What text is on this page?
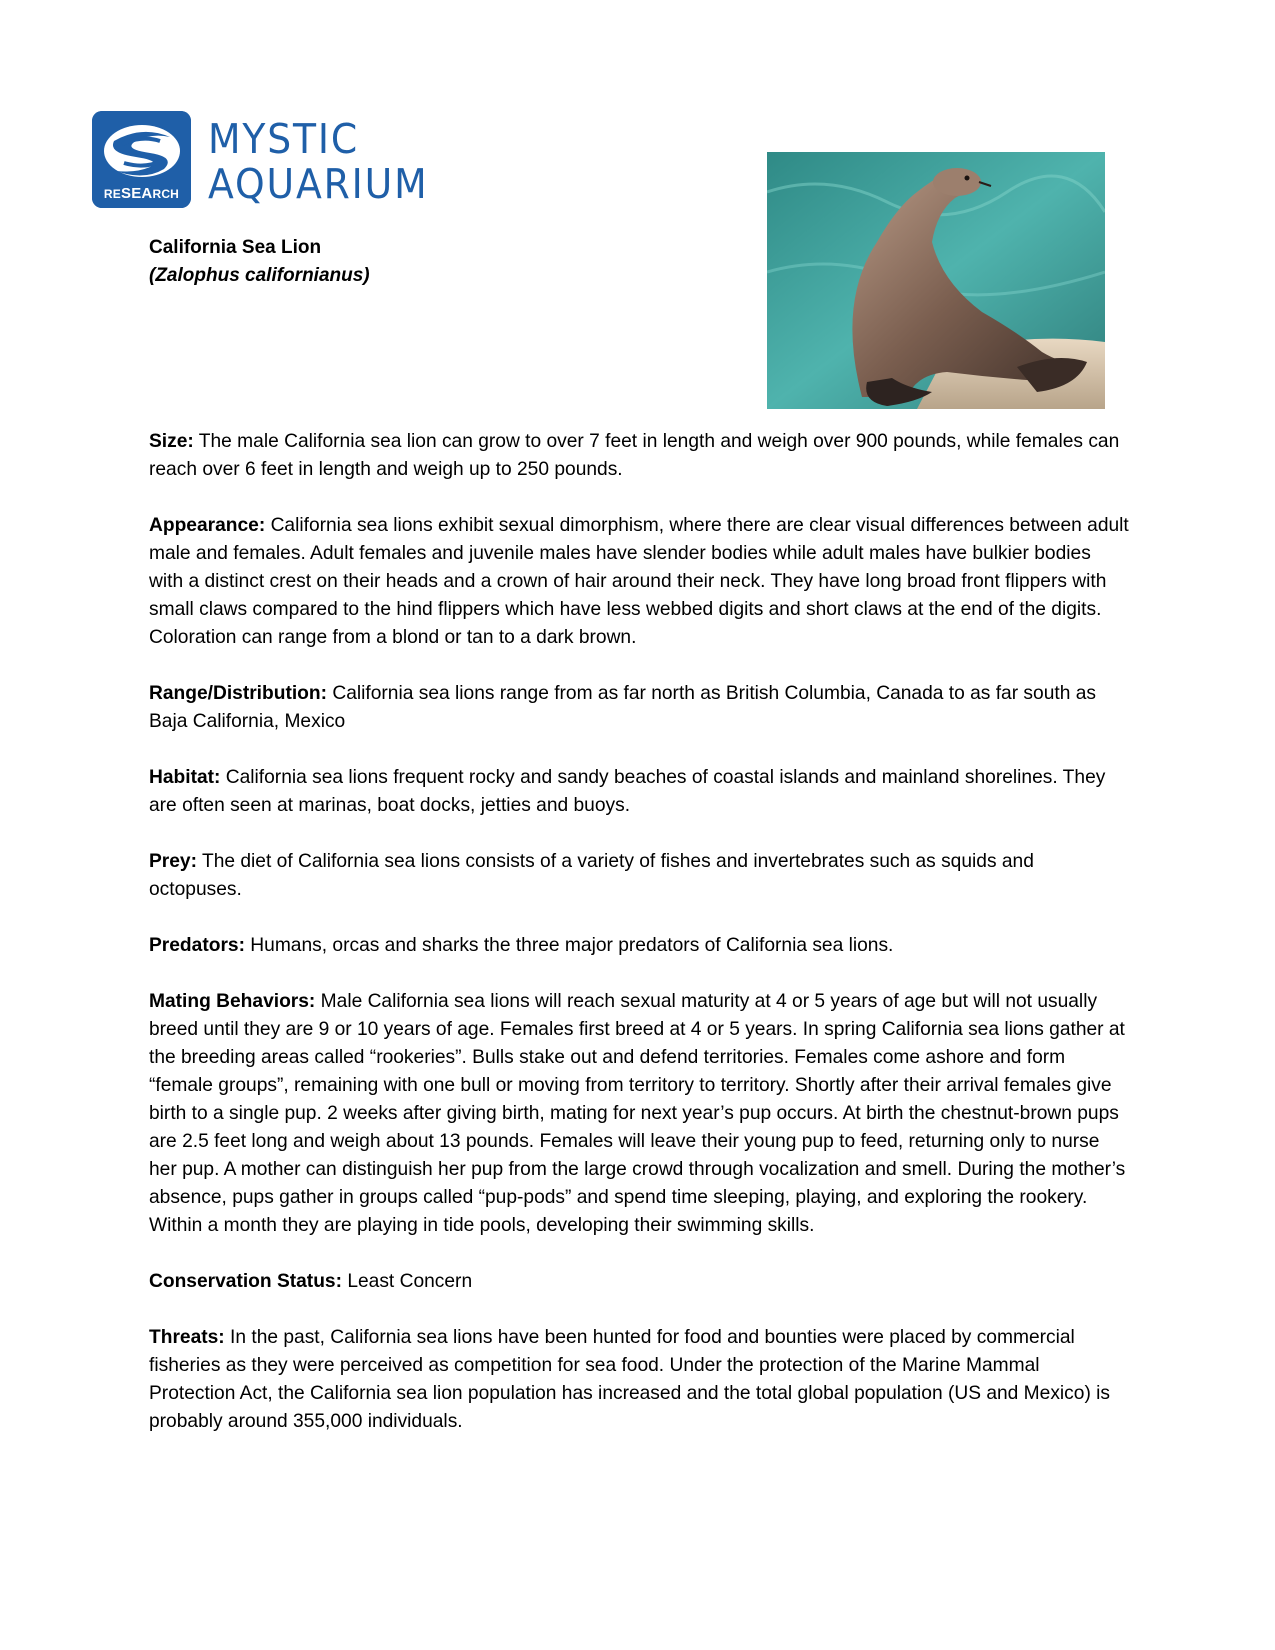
RESEARCH
MYSTIC
AQUARIUM
California Sea Lion
(Zalophus californianus)

Size: The male California sea lion can grow to over 7 feet in length and weigh over 900 pounds, while females can reach over 6 feet in length and weigh up to 250 pounds.

Appearance: California sea lions exhibit sexual dimorphism, where there are clear visual differences between adult male and females. Adult females and juvenile males have slender bodies while adult males have bulkier bodies with a distinct crest on their heads and a crown of hair around their neck. They have long broad front flippers with small claws compared to the hind flippers which have less webbed digits and short claws at the end of the digits. Coloration can range from a blond or tan to a dark brown.

Range/Distribution: California sea lions range from as far north as British Columbia, Canada to as far south as Baja California, Mexico

Habitat: California sea lions frequent rocky and sandy beaches of coastal islands and mainland shorelines. They are often seen at marinas, boat docks, jetties and buoys.

Prey: The diet of California sea lions consists of a variety of fishes and invertebrates such as squids and octopuses.

Predators: Humans, orcas and sharks the three major predators of California sea lions.

Mating Behaviors: Male California sea lions will reach sexual maturity at 4 or 5 years of age but will not usually breed until they are 9 or 10 years of age. Females first breed at 4 or 5 years. In spring California sea lions gather at the breeding areas called “rookeries”. Bulls stake out and defend territories. Females come ashore and form “female groups”, remaining with one bull or moving from territory to territory. Shortly after their arrival females give birth to a single pup. 2 weeks after giving birth, mating for next year’s pup occurs. At birth the chestnut-brown pups are 2.5 feet long and weigh about 13 pounds. Females will leave their young pup to feed, returning only to nurse her pup. A mother can distinguish her pup from the large crowd through vocalization and smell. During the mother’s absence, pups gather in groups called “pup-pods” and spend time sleeping, playing, and exploring the rookery. Within a month they are playing in tide pools, developing their swimming skills.

Conservation Status: Least Concern

Threats: In the past, California sea lions have been hunted for food and bounties were placed by commercial fisheries as they were perceived as competition for sea food. Under the protection of the Marine Mammal Protection Act, the California sea lion population has increased and the total global population (US and Mexico) is probably around 355,000 individuals.
